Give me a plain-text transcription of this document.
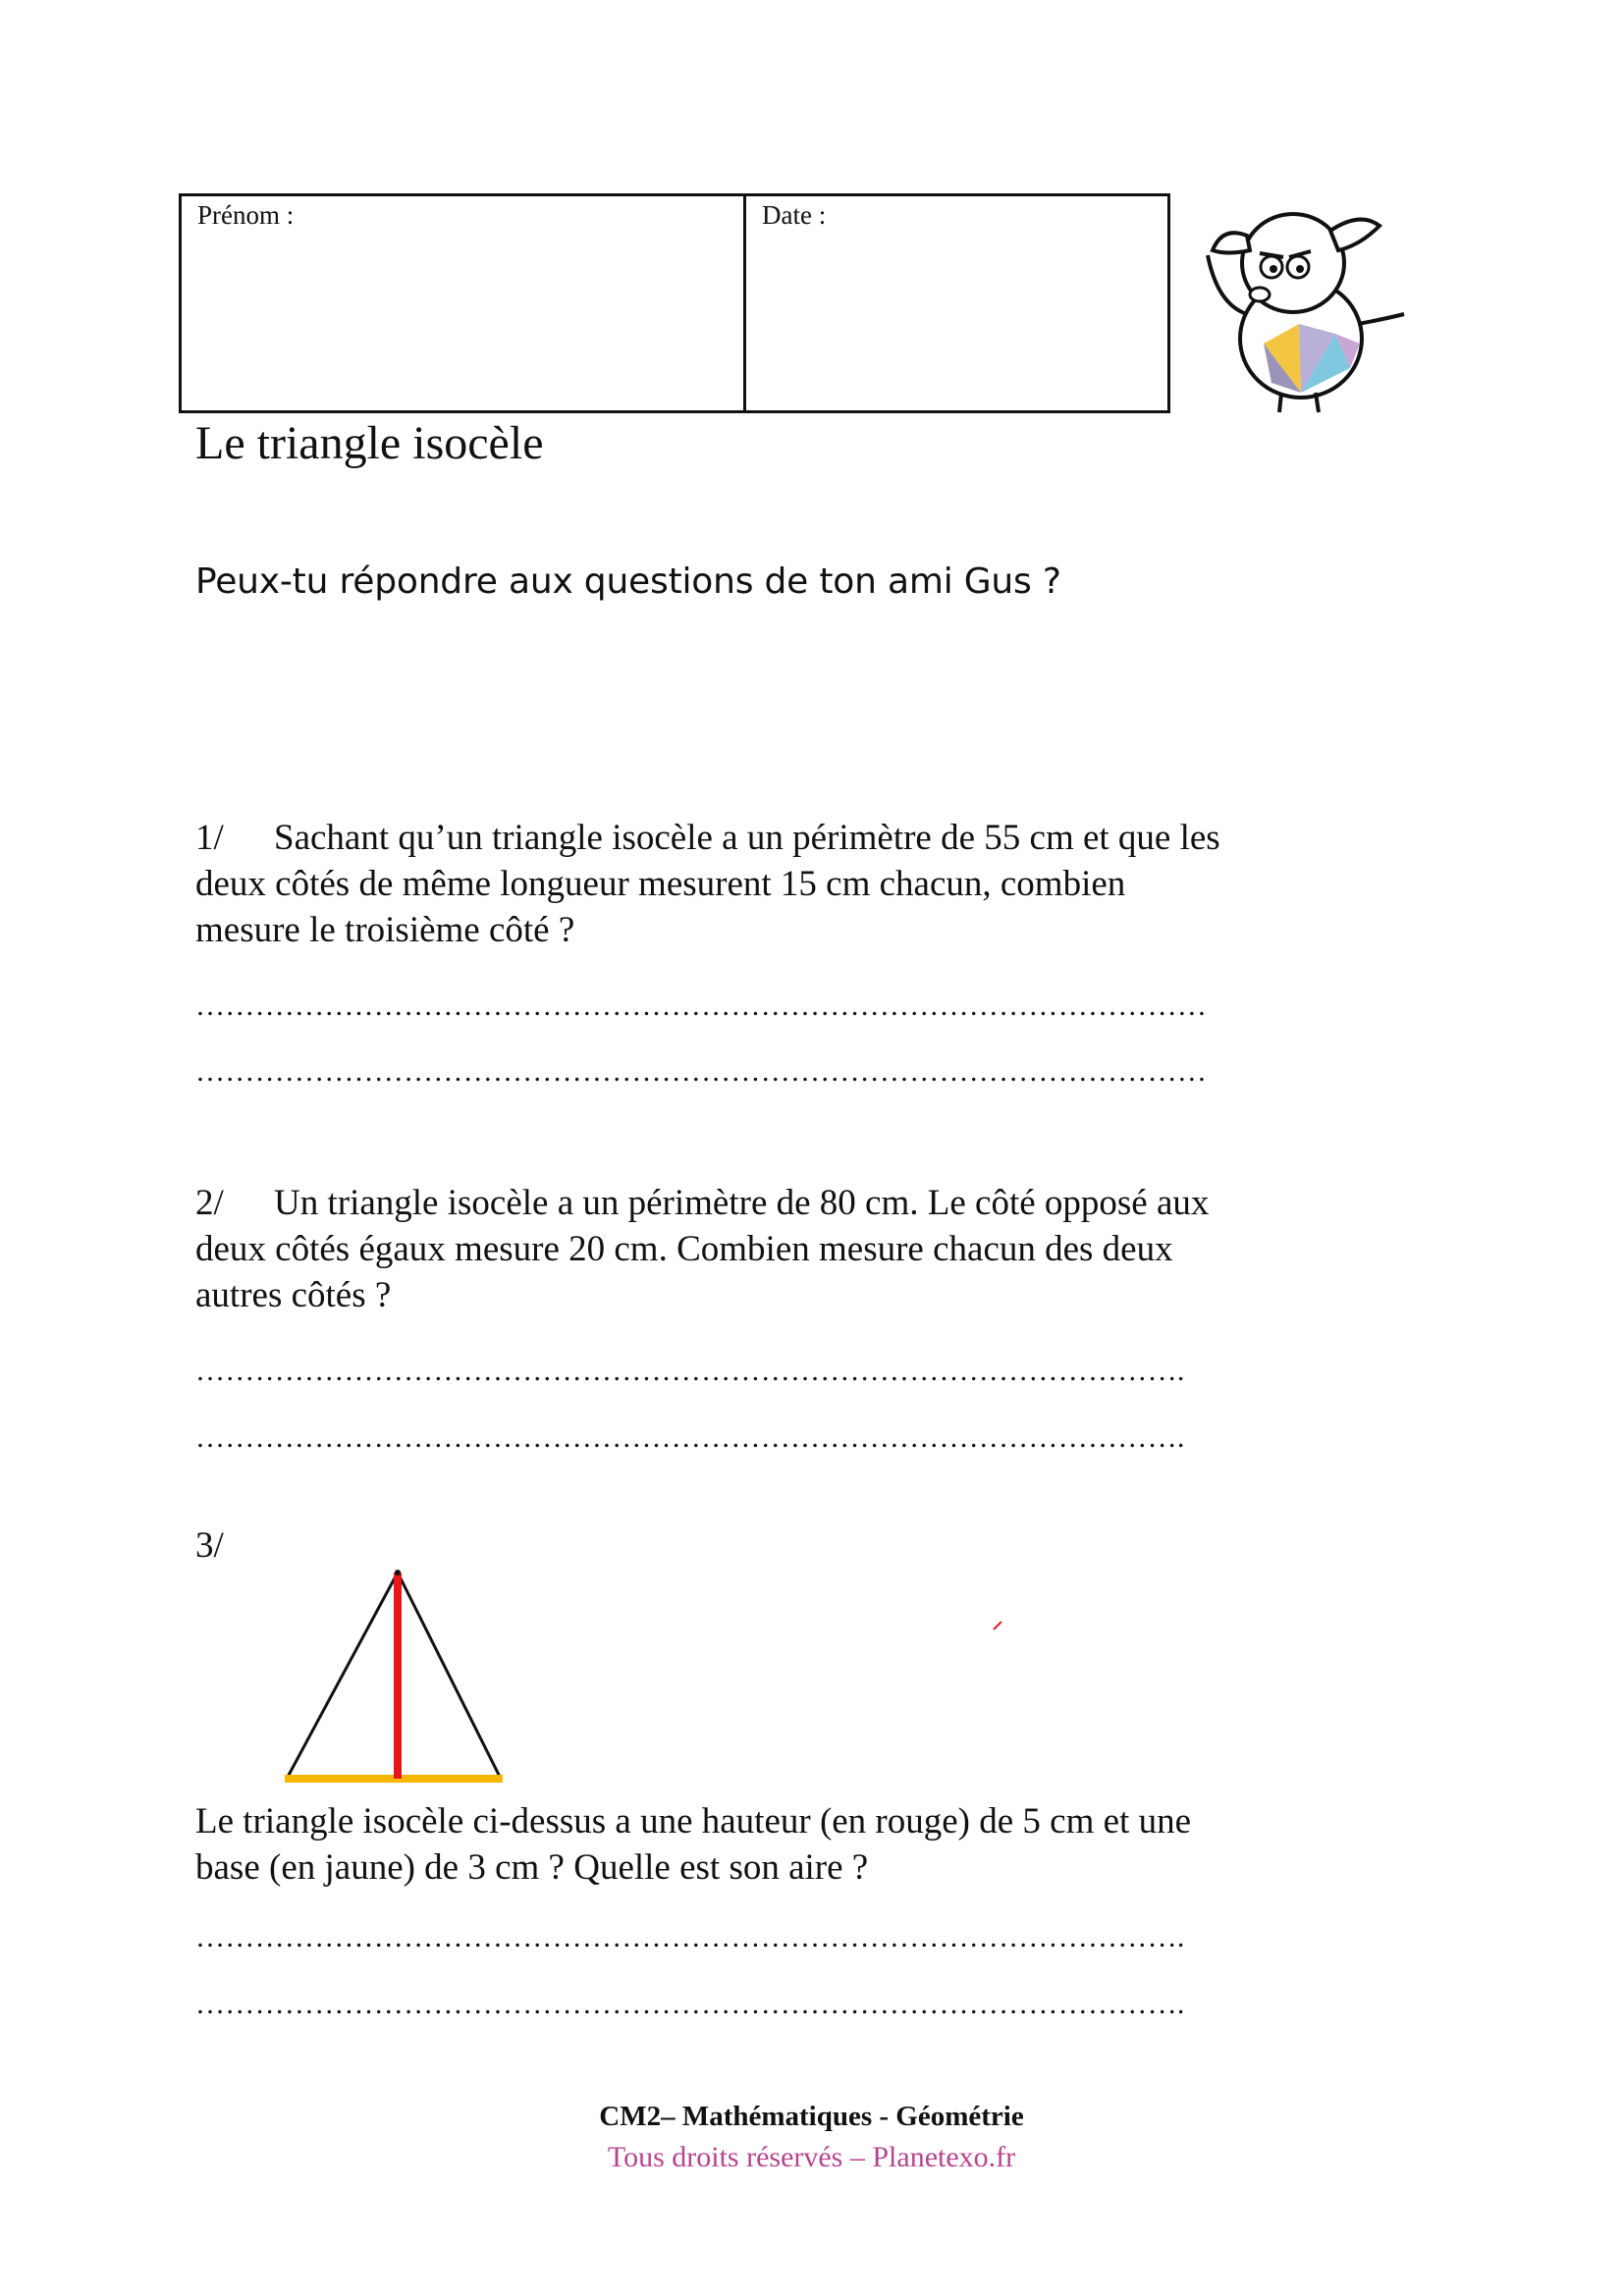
Prénom :	Date :
Le triangle isocèle
Peux-tu répondre aux questions de ton ami Gus ?

1/ Sachant qu’un triangle isocèle a un périmètre de 55 cm et que les
deux côtés de même longueur mesurent 15 cm chacun, combien
mesure le troisième côté ?

…………………………………………………………………………………………
…………………………………………………………………………………………

2/ Un triangle isocèle a un périmètre de 80 cm. Le côté opposé aux
deux côtés égaux mesure 20 cm. Combien mesure chacun des deux
autres côtés ?

……………………………………………………………………………………….
……………………………………………………………………………………….
3/

Le triangle isocèle ci-dessus a une hauteur (en rouge) de 5 cm et une
base (en jaune) de 3 cm ? Quelle est son aire ?

……………………………………………………………………………………….
……………………………………………………………………………………….
CM2– Mathématiques - Géométrie
Tous droits réservés – Planetexo.fr
